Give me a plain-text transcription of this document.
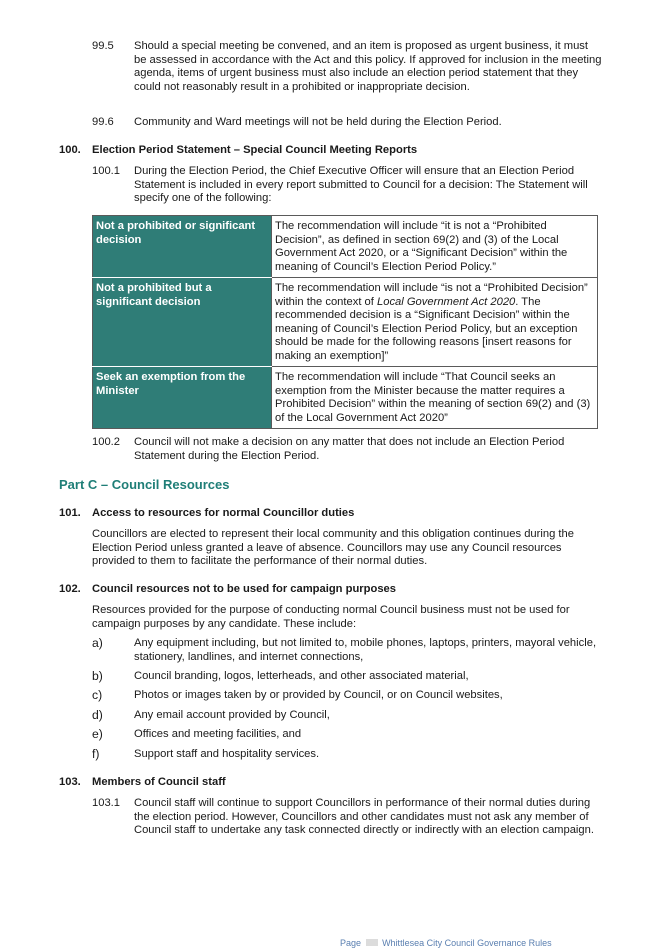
99.5	Should a special meeting be convened, and an item is proposed as urgent business, it must be assessed in accordance with the Act and this policy. If approved for inclusion in the meeting agenda, items of urgent business must also include an election period statement that they could not reasonably result in a prohibited or inappropriate decision.
99.6	Community and Ward meetings will not be held during the Election Period.
100.	Election Period Statement – Special Council Meeting Reports
100.1	During the Election Period, the Chief Executive Officer will ensure that an Election Period Statement is included in every report submitted to Council for a decision: The Statement will specify one of the following:
Not a prohibited or significant decision	The recommendation will include “it is not a “Prohibited Decision”, as defined in section 69(2) and (3) of the Local Government Act 2020, or a “Significant Decision” within the meaning of Council’s Election Period Policy.”
Not a prohibited but a significant decision	The recommendation will include “is not a “Prohibited Decision” within the context of Local Government Act 2020. The recommended decision is a “Significant Decision” within the meaning of Council’s Election Period Policy, but an exception should be made for the following reasons [insert reasons for making an exemption]”
Seek an exemption from the Minister	The recommendation will include “That Council seeks an exemption from the Minister because the matter requires a Prohibited Decision” within the meaning of section 69(2) and (3) of the Local Government Act 2020”
100.2	Council will not make a decision on any matter that does not include an Election Period Statement during the Election Period.
Part C – Council Resources
101.	Access to resources for normal Councillor duties
Councillors are elected to represent their local community and this obligation continues during the Election Period unless granted a leave of absence. Councillors may use any Council resources provided to them to facilitate the performance of their normal duties.
102.	Council resources not to be used for campaign purposes
Resources provided for the purpose of conducting normal Council business must not be used for campaign purposes by any candidate. These include:
a)	Any equipment including, but not limited to, mobile phones, laptops, printers, mayoral vehicle, stationery, landlines, and internet connections,
b)	Council branding, logos, letterheads, and other associated material,
c)	Photos or images taken by or provided by Council, or on Council websites,
d)	Any email account provided by Council,
e)	Offices and meeting facilities, and
f)	Support staff and hospitality services.
103.	Members of Council staff
103.1	Council staff will continue to support Councillors in performance of their normal duties during the election period. However, Councillors and other candidates must not ask any member of Council staff to undertake any task connected directly or indirectly with an election campaign.
Page Whittlesea City Council Governance Rules
